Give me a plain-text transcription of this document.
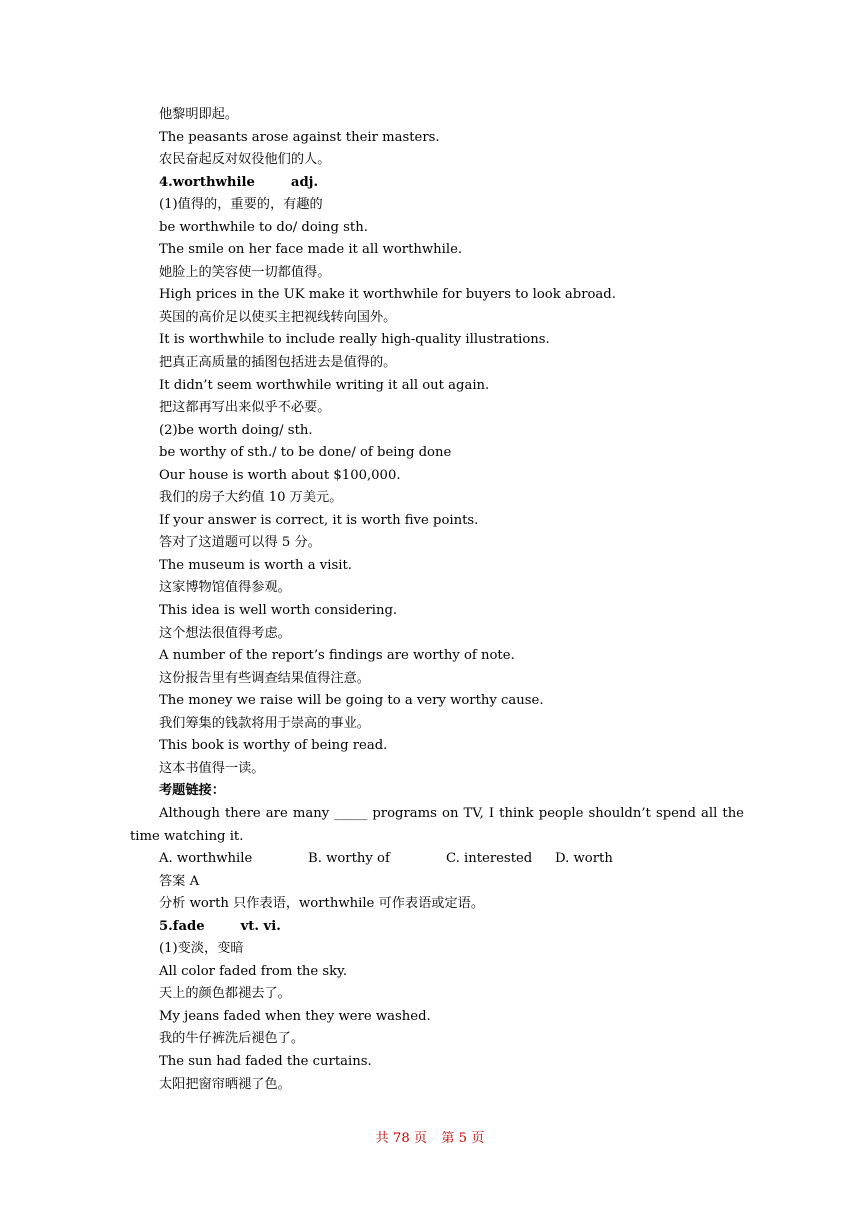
他黎明即起。
The peasants arose against their masters.
农民奋起反对奴役他们的人。
4.worthwhile	adj.
(1)值得的，重要的，有趣的
be worthwhile to do/ doing sth.
The smile on her face made it all worthwhile.
她脸上的笑容使一切都值得。
High prices in the UK make it worthwhile for buyers to look abroad.
英国的高价足以使买主把视线转向国外。
It is worthwhile to include really high-quality illustrations.
把真正高质量的插图包括进去是值得的。
It didn’t seem worthwhile writing it all out again.
把这都再写出来似乎不必要。
(2)be worth doing/ sth.
be worthy of sth./ to be done/ of being done
Our house is worth about $100,000.
我们的房子大约值 10 万美元。
If your answer is correct, it is worth five points.
答对了这道题可以得 5 分。
The museum is worth a visit.
这家博物馆值得参观。
This idea is well worth considering.
这个想法很值得考虑。
A number of the report’s findings are worthy of note.
这份报告里有些调查结果值得注意。
The money we raise will be going to a very worthy cause.
我们筹集的钱款将用于崇高的事业。
This book is worthy of being read.
这本书值得一读。
考题链接：
Although there are many _____ programs on TV, I think people shouldn’t spend all the time watching it.
A. worthwhile	B. worthy of	C. interested D. worth
答案 A
分析 worth 只作表语，worthwhile 可作表语或定语。
5.fade	vt. vi.
(1)变淡，变暗
All color faded from the sky.
天上的颜色都褪去了。
My jeans faded when they were washed.
我的牛仔裤洗后褪色了。
The sun had faded the curtains.
太阳把窗帘晒褪了色。
共 78 页 第 5 页
